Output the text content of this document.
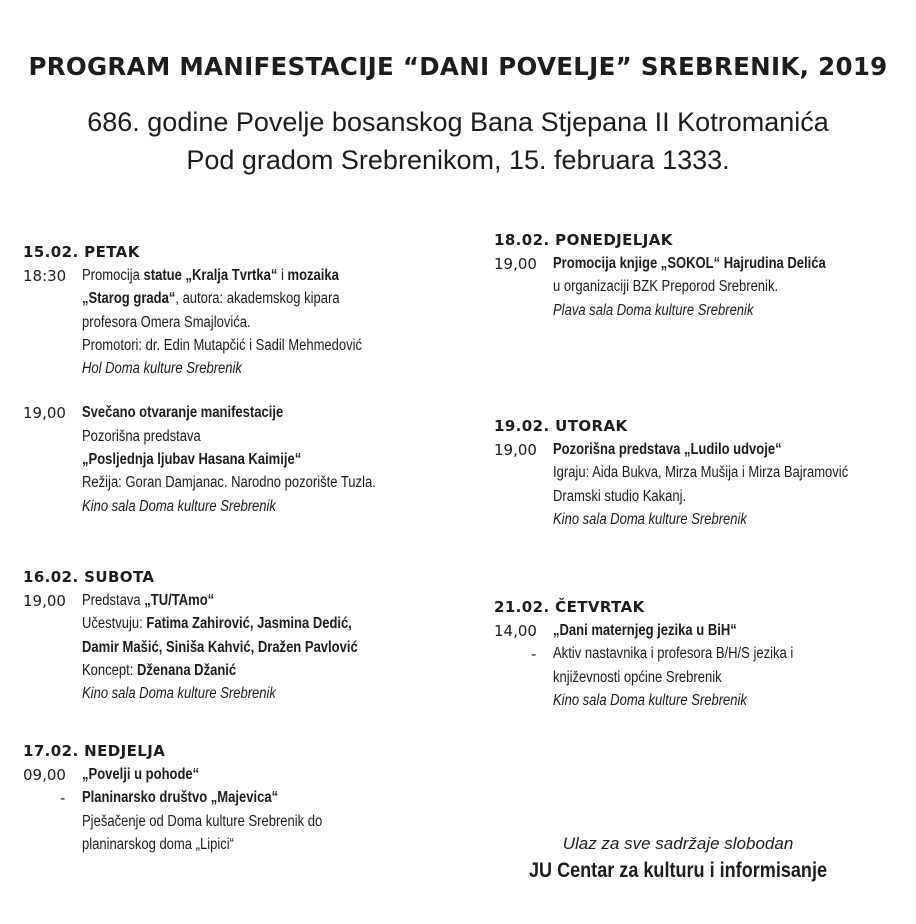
PROGRAM MANIFESTACIJE “DANI POVELJE” SREBRENIK, 2019
686. godine Povelje bosanskog Bana Stjepana II Kotromanića
Pod gradom Srebrenikom, 15. februara 1333.
15.02. PETAK
18:30 Promocija statue „Kralja Tvrtka“ i mozaika
„Starog grada“, autora: akademskog kipara
profesora Omera Smajlovića.
Promotori: dr. Edin Mutapčić i Sadil Mehmedović
Hol Doma kulture Srebrenik
19,00 Svečano otvaranje manifestacije
Pozorišna predstava
„Posljednja ljubav Hasana Kaimije“
Režija: Goran Damjanac. Narodno pozorište Tuzla.
Kino sala Doma kulture Srebrenik
16.02. SUBOTA
19,00 Predstava „TU/TAmo“
Učestvuju: Fatima Zahirović, Jasmina Dedić,
Damir Mašić, Siniša Kahvić, Dražen Pavlović
Koncept: Dženana Džanić
Kino sala Doma kulture Srebrenik
17.02. NEDJELJA
09,00 „Povelji u pohode“
- Planinarsko društvo „Majevica“
Pješačenje od Doma kulture Srebrenik do
planinarskog doma „Lipici“
18.02. PONEDJELJAK
19,00 Promocija knjige „SOKOL“ Hajrudina Delića
u organizaciji BZK Preporod Srebrenik.
Plava sala Doma kulture Srebrenik
19.02. UTORAK
19,00 Pozorišna predstava „Ludilo udvoje“
Igraju: Aida Bukva, Mirza Mušija i Mirza Bajramović
Dramski studio Kakanj.
Kino sala Doma kulture Srebrenik
21.02. ČETVRTAK
14,00 „Dani maternjeg jezika u BiH“
- Aktiv nastavnika i profesora B/H/S jezika i
književnosti općine Srebrenik
Kino sala Doma kulture Srebrenik
Ulaz za sve sadržaje slobodan
JU Centar za kulturu i informisanje
